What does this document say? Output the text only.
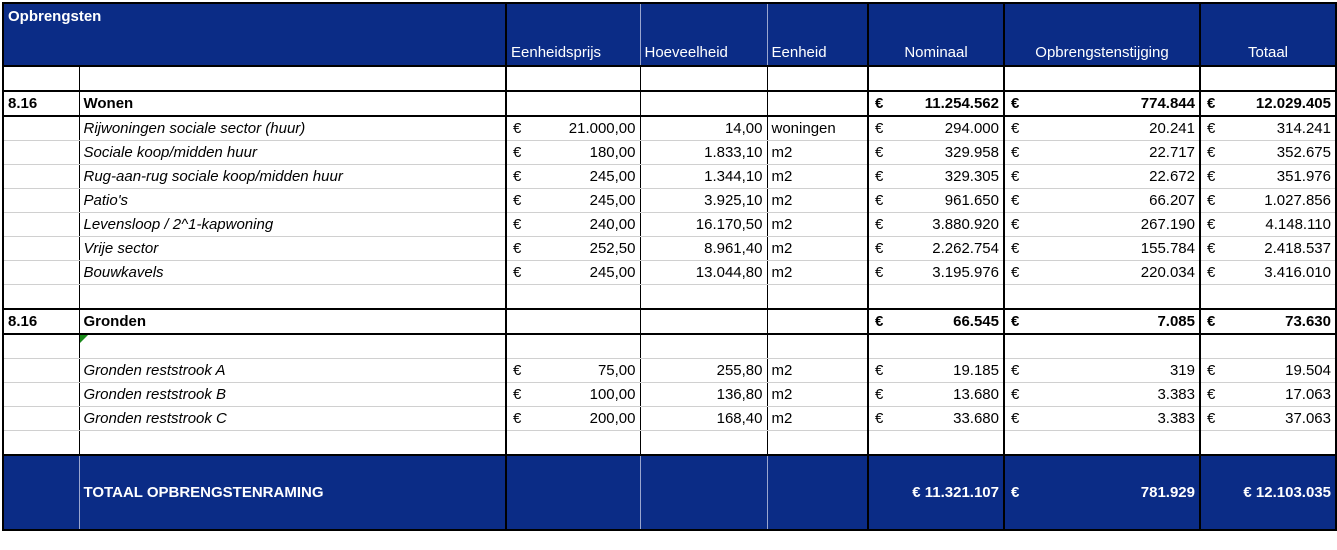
Opbrengsten		Eenheidsprijs	Hoeveelheid	Eenheid	Nominaal	Opbrengstenstijging	Totaal

8.16	Wonen				€ 11.254.562	€ 774.844	€ 12.029.405

	Rijwoningen sociale sector (huur)	€ 21.000,00	14,00	woningen	€ 294.000	€ 20.241	€ 314.241

	Sociale koop/midden huur	€ 180,00	1.833,10	m2	€ 329.958	€ 22.717	€ 352.675

	Rug-aan-rug sociale koop/midden huur	€ 245,00	1.344,10	m2	€ 329.305	€ 22.672	€ 351.976

	Patio's	€ 245,00	3.925,10	m2	€ 961.650	€ 66.207	€ 1.027.856

	Levensloop / 2^1-kapwoning	€ 240,00	16.170,50	m2	€ 3.880.920	€ 267.190	€ 4.148.110

	Vrije sector	€ 252,50	8.961,40	m2	€ 2.262.754	€ 155.784	€ 2.418.537

	Bouwkavels	€ 245,00	13.044,80	m2	€ 3.195.976	€ 220.034	€ 3.416.010

8.16	Gronden				€ 66.545	€ 7.085	€ 73.630

	Gronden reststrook A	€ 75,00	255,80	m2	€ 19.185	€ 319	€ 19.504

	Gronden reststrook B	€ 100,00	136,80	m2	€ 13.680	€ 3.383	€ 17.063

	Gronden reststrook C	€ 200,00	168,40	m2	€ 33.680	€ 3.383	€ 37.063

	TOTAAL OPBRENGSTENRAMING				€ 11.321.107	€ 781.929	€ 12.103.035
